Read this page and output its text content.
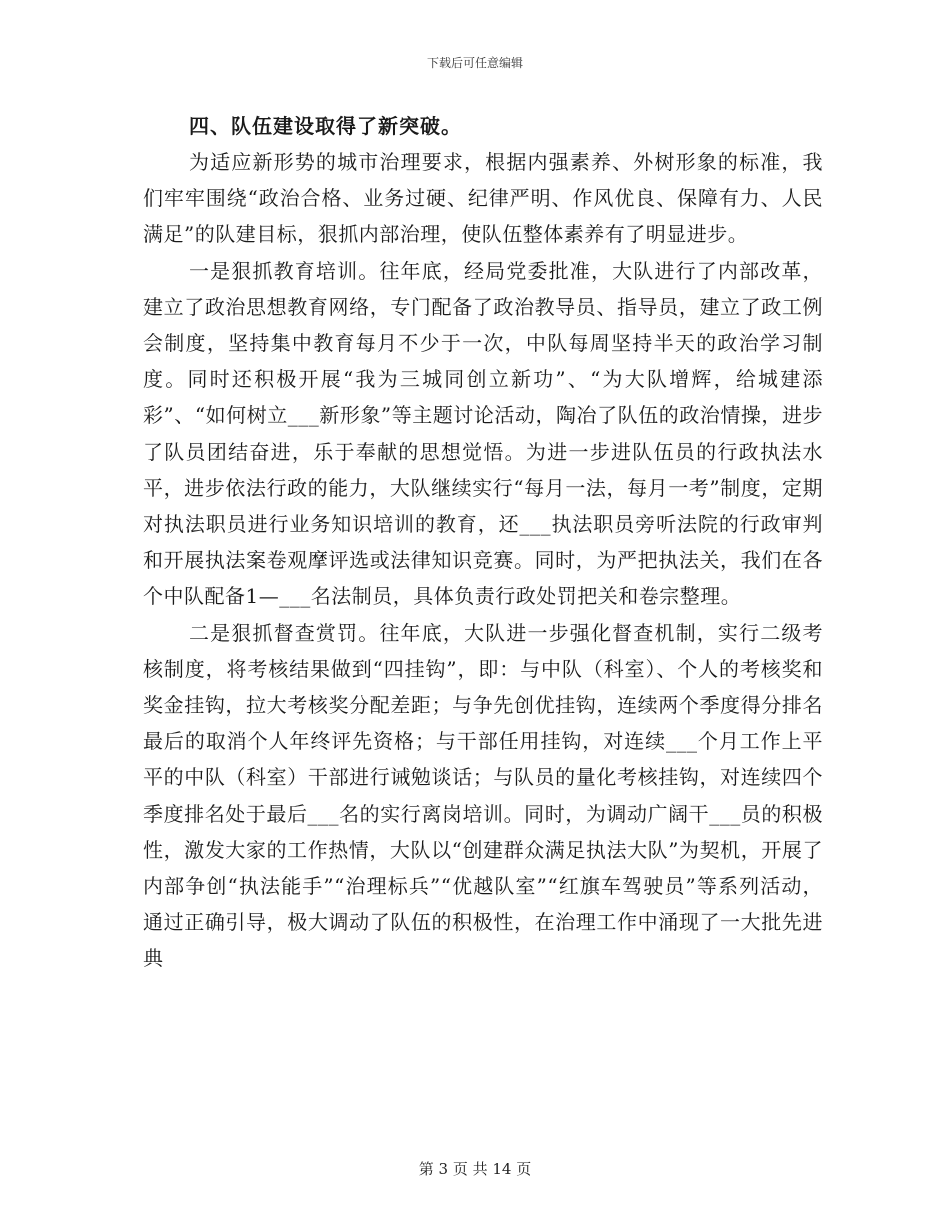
下载后可任意编辑
四、队伍建设取得了新突破。

为适应新形势的城市治理要求，根据内强素养、外树形象的标准，我们牢牢围绕“政治合格、业务过硬、纪律严明、作风优良、保障有力、人民满足”的队建目标，狠抓内部治理，使队伍整体素养有了明显进步。

一是狠抓教育培训。往年底，经局党委批准，大队进行了内部改革，建立了政治思想教育网络，专门配备了政治教导员、指导员，建立了政工例会制度，坚持集中教育每月不少于一次，中队每周坚持半天的政治学习制度。同时还积极开展“我为三城同创立新功”、“为大队增辉，给城建添彩”、“如何树立___新形象”等主题讨论活动，陶冶了队伍的政治情操，进步了队员团结奋进，乐于奉献的思想觉悟。为进一步进队伍员的行政执法水平，进步依法行政的能力，大队继续实行“每月一法，每月一考”制度，定期对执法职员进行业务知识培训的教育，还___执法职员旁听法院的行政审判和开展执法案卷观摩评选或法律知识竞赛。同时，为严把执法关，我们在各个中队配备1—___名法制员，具体负责行政处罚把关和卷宗整理。

二是狠抓督查赏罚。往年底，大队进一步强化督查机制，实行二级考核制度，将考核结果做到“四挂钩”，即：与中队（科室）、个人的考核奖和奖金挂钩，拉大考核奖分配差距；与争先创优挂钩，连续两个季度得分排名最后的取消个人年终评先资格；与干部任用挂钩，对连续___个月工作上平平的中队（科室）干部进行诫勉谈话；与队员的量化考核挂钩，对连续四个季度排名处于最后___名的实行离岗培训。同时，为调动广阔干___员的积极性，激发大家的工作热情，大队以“创建群众满足执法大队”为契机，开展了内部争创“执法能手”“治理标兵”“优越队室”“红旗车驾驶员”等系列活动，通过正确引导，极大调动了队伍的积极性，在治理工作中涌现了一大批先进典

第 3 页 共 14 页
